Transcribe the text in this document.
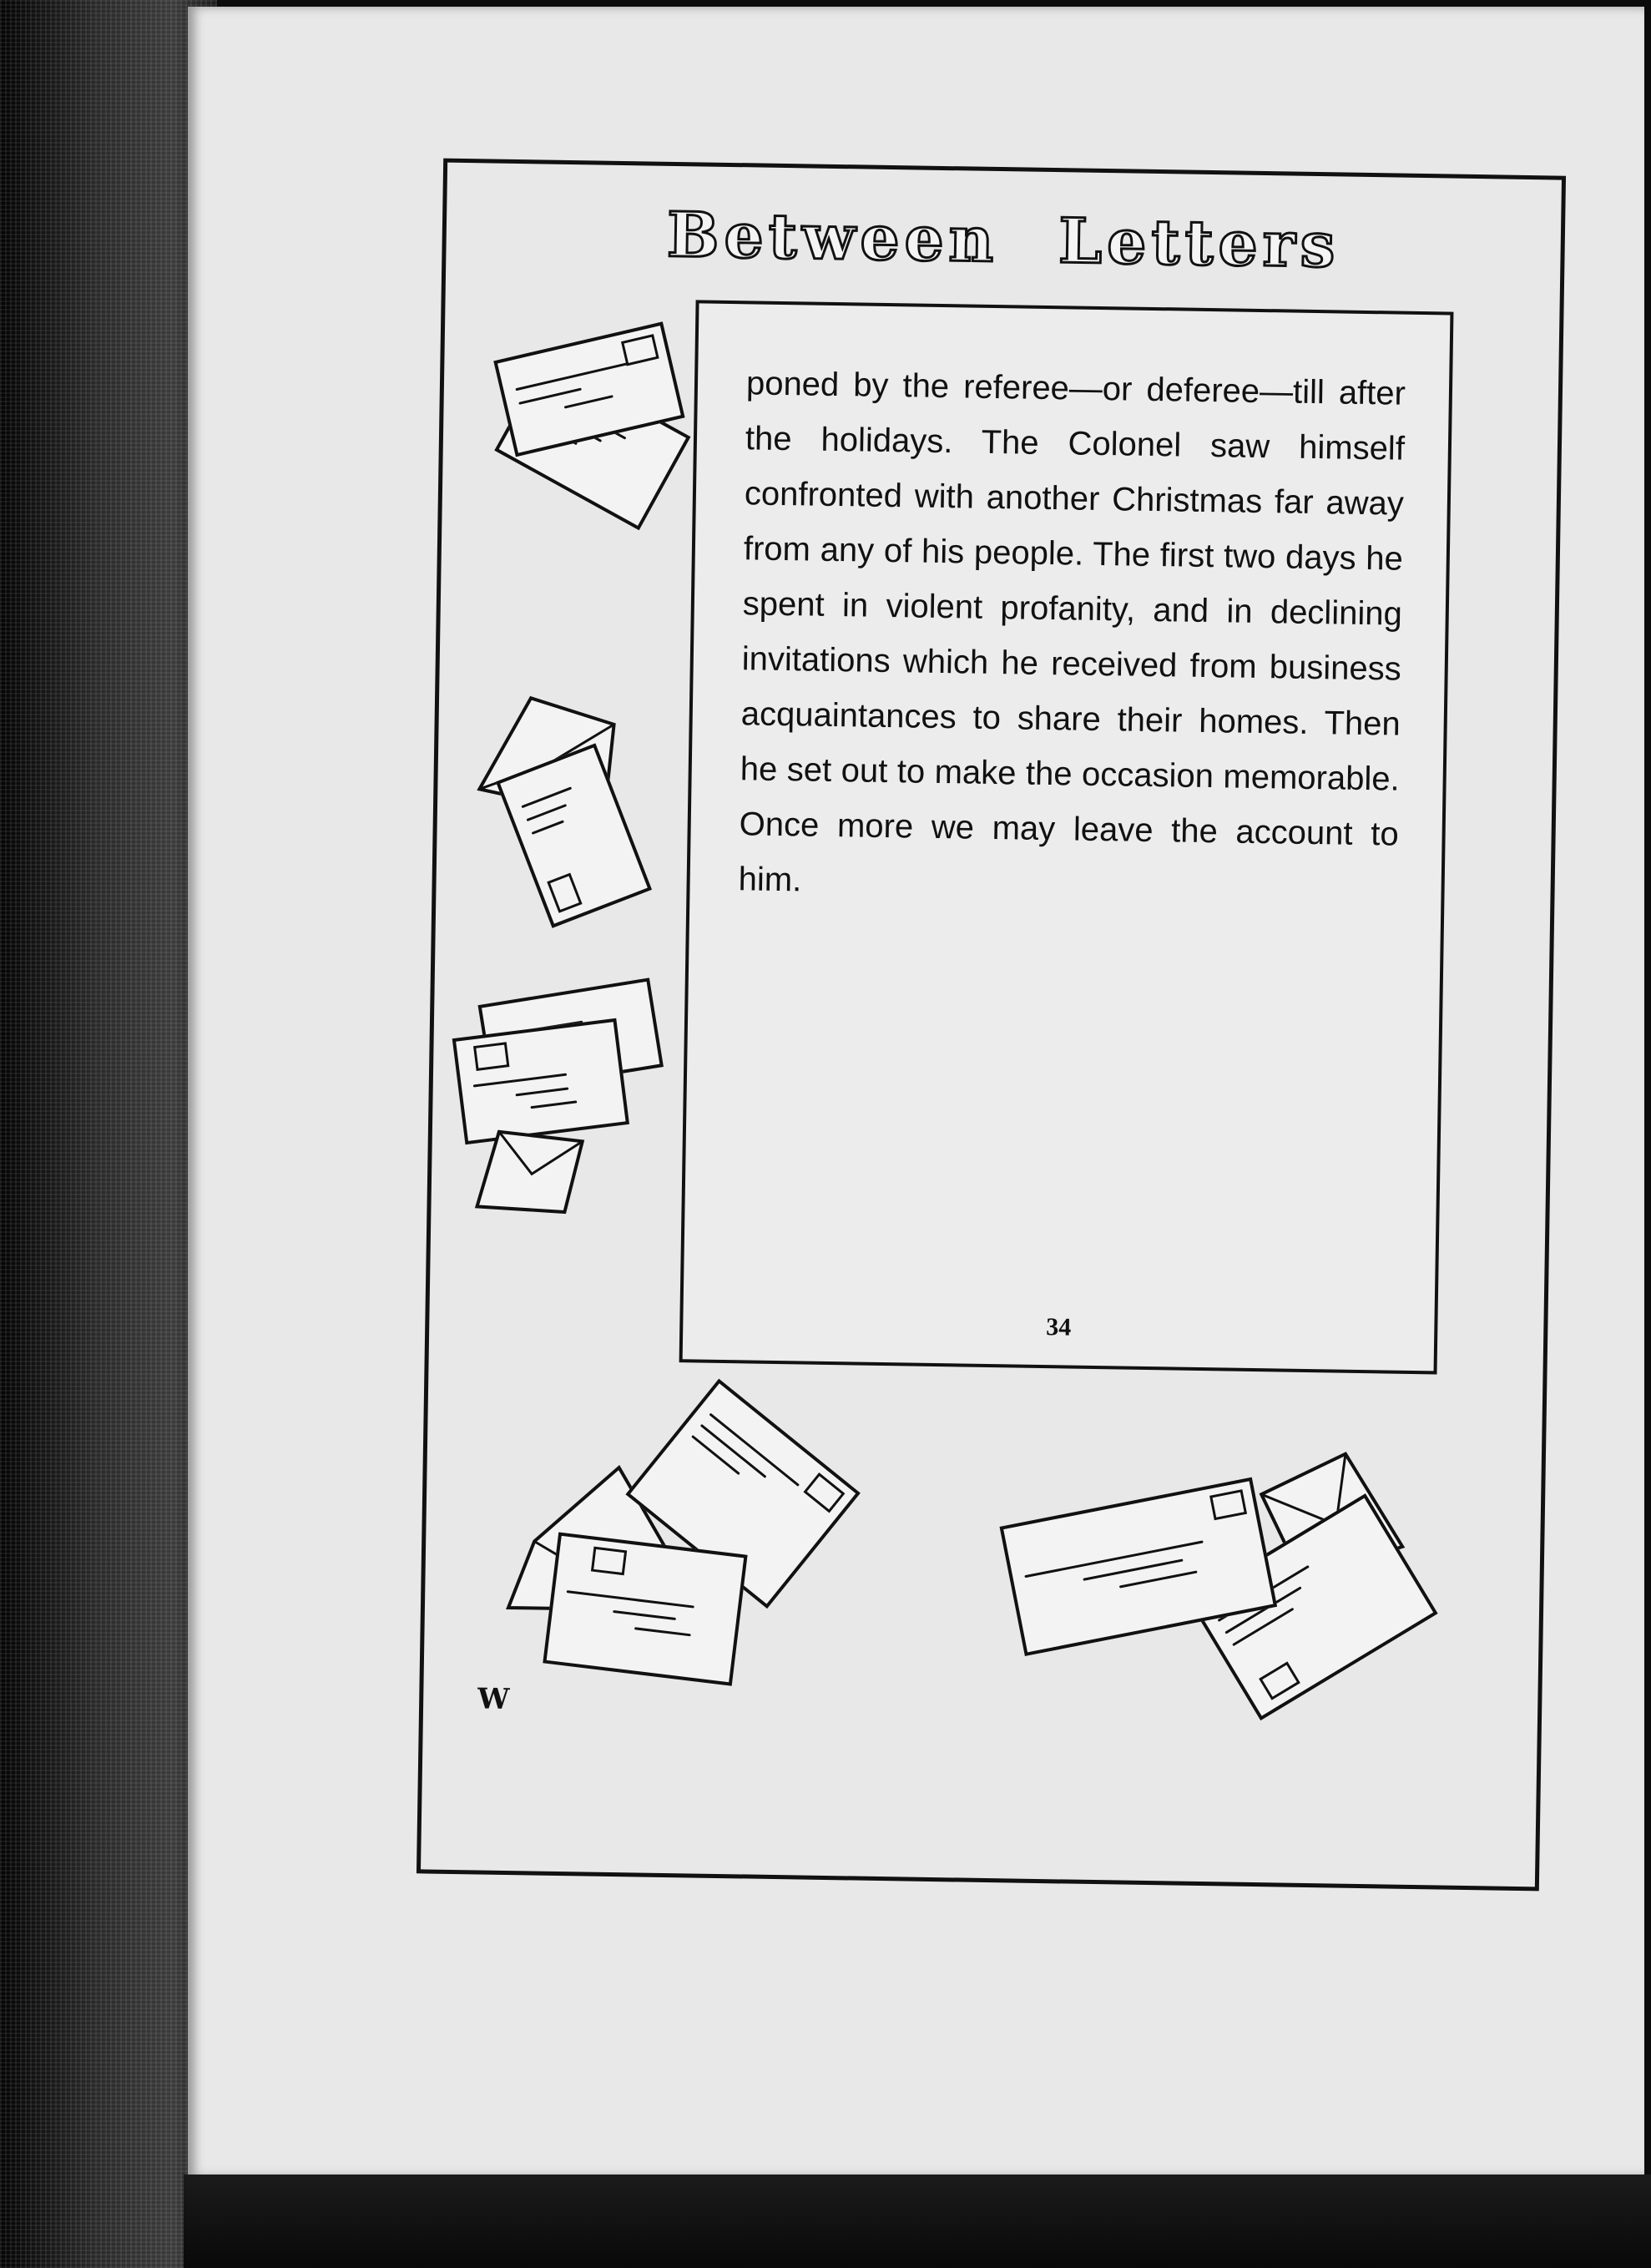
Between Letters
W

poned by the referee—or deferee—till after the holidays. The Colonel saw himself confronted with another Christmas far away from any of his people. The first two days he spent in violent profanity, and in declining invitations which he received from business acquaintances to share their homes. Then he set out to make the occasion memorable. Once more we may leave the account to him.

34
